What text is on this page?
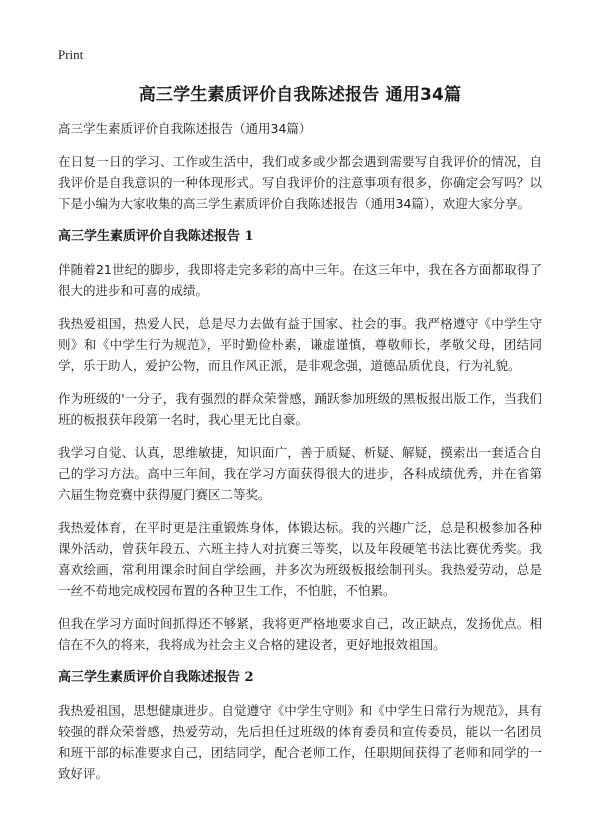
Print
高三学生素质评价自我陈述报告 通用34篇
高三学生素质评价自我陈述报告（通用34篇）

在日复一日的学习、工作或生活中，我们或多或少都会遇到需要写自我评价的情况，自我评价是自我意识的一种体现形式。写自我评价的注意事项有很多，你确定会写吗？以下是小编为大家收集的高三学生素质评价自我陈述报告（通用34篇），欢迎大家分享。

高三学生素质评价自我陈述报告 1

伴随着21世纪的脚步，我即将走完多彩的高中三年。在这三年中，我在各方面都取得了很大的进步和可喜的成绩。

我热爱祖国，热爱人民，总是尽力去做有益于国家、社会的事。我严格遵守《中学生守则》和《中学生行为规范》，平时勤俭朴素，谦虚谨慎，尊敬师长，孝敬父母，团结同学，乐于助人，爱护公物，而且作风正派，是非观念强，道德品质优良，行为礼貌。

作为班级的'一分子，我有强烈的群众荣誉感，踊跃参加班级的黑板报出版工作，当我们班的板报获年段第一名时，我心里无比自豪。

我学习自觉、认真，思维敏捷，知识面广，善于质疑、析疑、解疑，摸索出一套适合自己的学习方法。高中三年间，我在学习方面获得很大的进步，各科成绩优秀，并在省第六届生物竞赛中获得厦门赛区二等奖。

我热爱体育，在平时更是注重锻炼身体，体锻达标。我的兴趣广泛，总是积极参加各种课外活动，曾获年段五、六班主持人对抗赛三等奖，以及年段硬笔书法比赛优秀奖。我喜欢绘画，常利用课余时间自学绘画，并多次为班级板报绘制刊头。我热爱劳动，总是一丝不苟地完成校园布置的各种卫生工作，不怕脏，不怕累。

但我在学习方面时间抓得还不够紧，我将更严格地要求自己，改正缺点，发扬优点。相信在不久的将来，我将成为社会主义合格的建设者，更好地报效祖国。

高三学生素质评价自我陈述报告 2

我热爱祖国，思想健康进步。自觉遵守《中学生守则》和《中学生日常行为规范》，具有较强的群众荣誉感，热爱劳动，先后担任过班级的体育委员和宣传委员，能以一名团员和班干部的标准要求自己，团结同学，配合老师工作，任职期间获得了老师和同学的一致好评。
